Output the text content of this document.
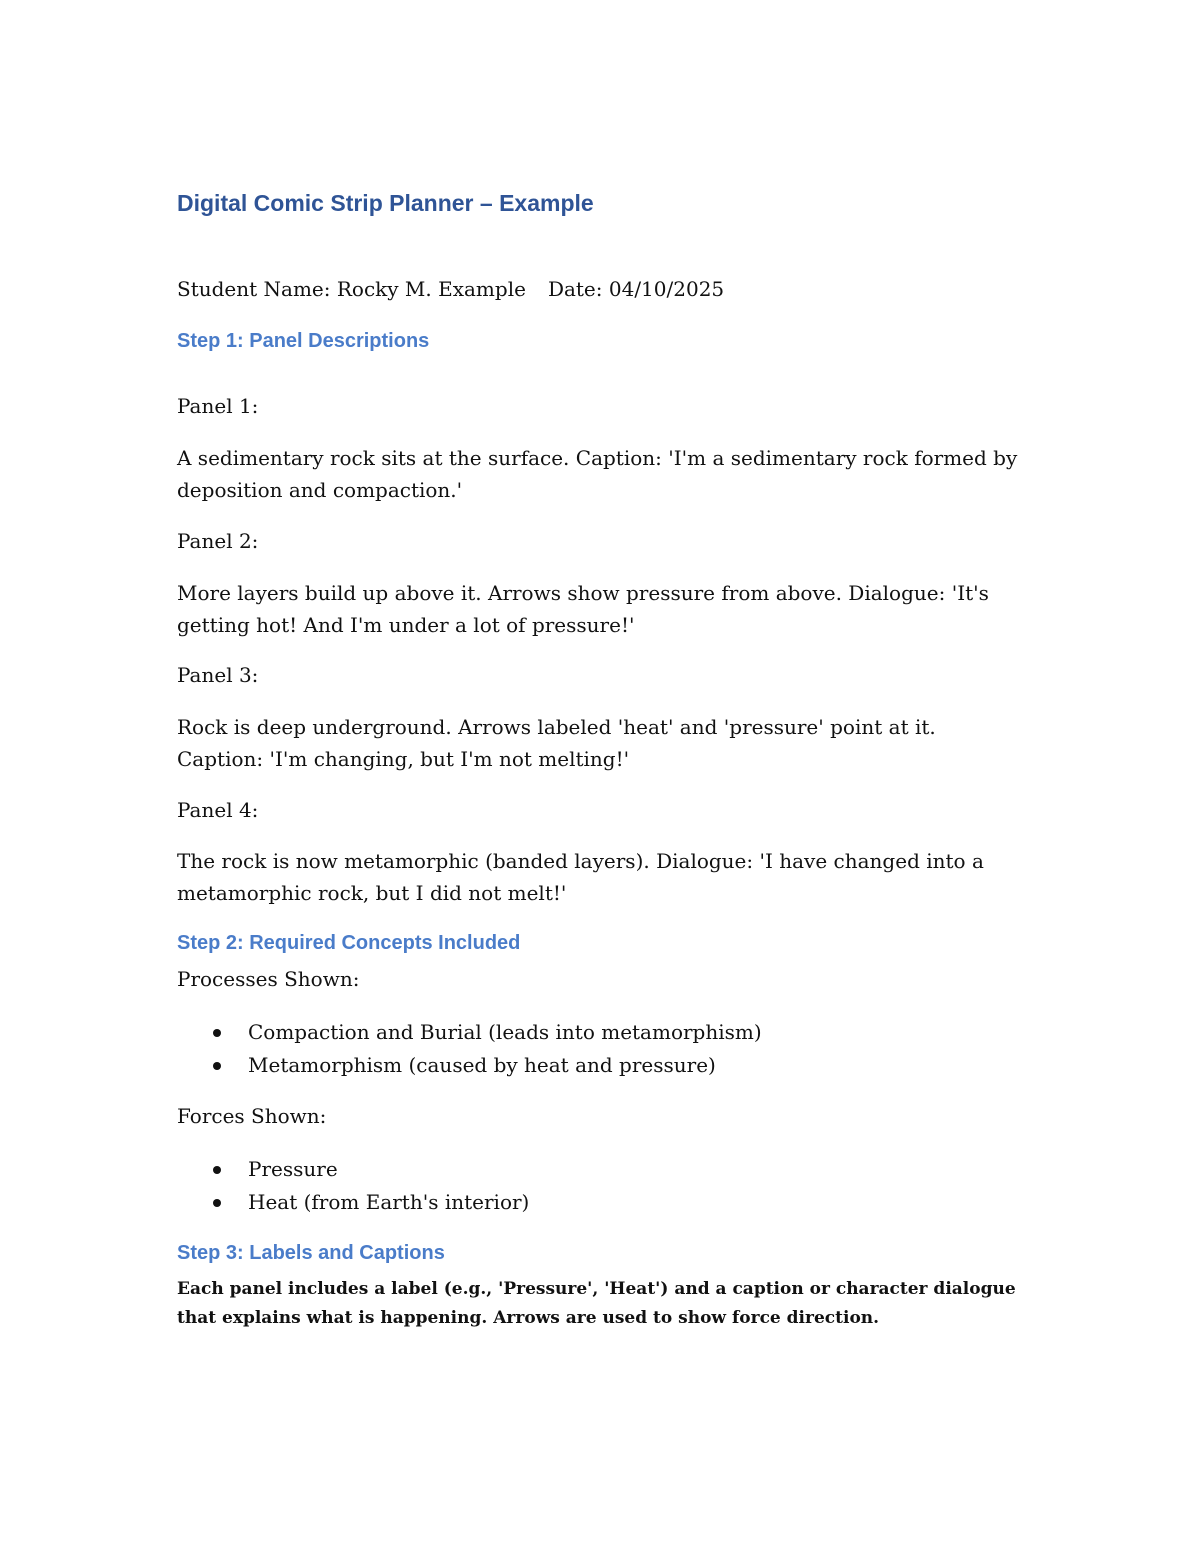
Digital Comic Strip Planner – Example
Student Name: Rocky M. Example Date: 04/10/2025
Step 1: Panel Descriptions
Panel 1:
A sedimentary rock sits at the surface. Caption: 'I'm a sedimentary rock formed by deposition and compaction.'
Panel 2:
More layers build up above it. Arrows show pressure from above. Dialogue: 'It's getting hot! And I'm under a lot of pressure!'
Panel 3:
Rock is deep underground. Arrows labeled 'heat' and 'pressure' point at it. Caption: 'I'm changing, but I'm not melting!'
Panel 4:
The rock is now metamorphic (banded layers). Dialogue: 'I have changed into a metamorphic rock, but I did not melt!'
Step 2: Required Concepts Included
Processes Shown:
Compaction and Burial (leads into metamorphism)
Metamorphism (caused by heat and pressure)
Forces Shown:
Pressure
Heat (from Earth's interior)
Step 3: Labels and Captions
Each panel includes a label (e.g., 'Pressure', 'Heat') and a caption or character dialogue that explains what is happening. Arrows are used to show force direction.
